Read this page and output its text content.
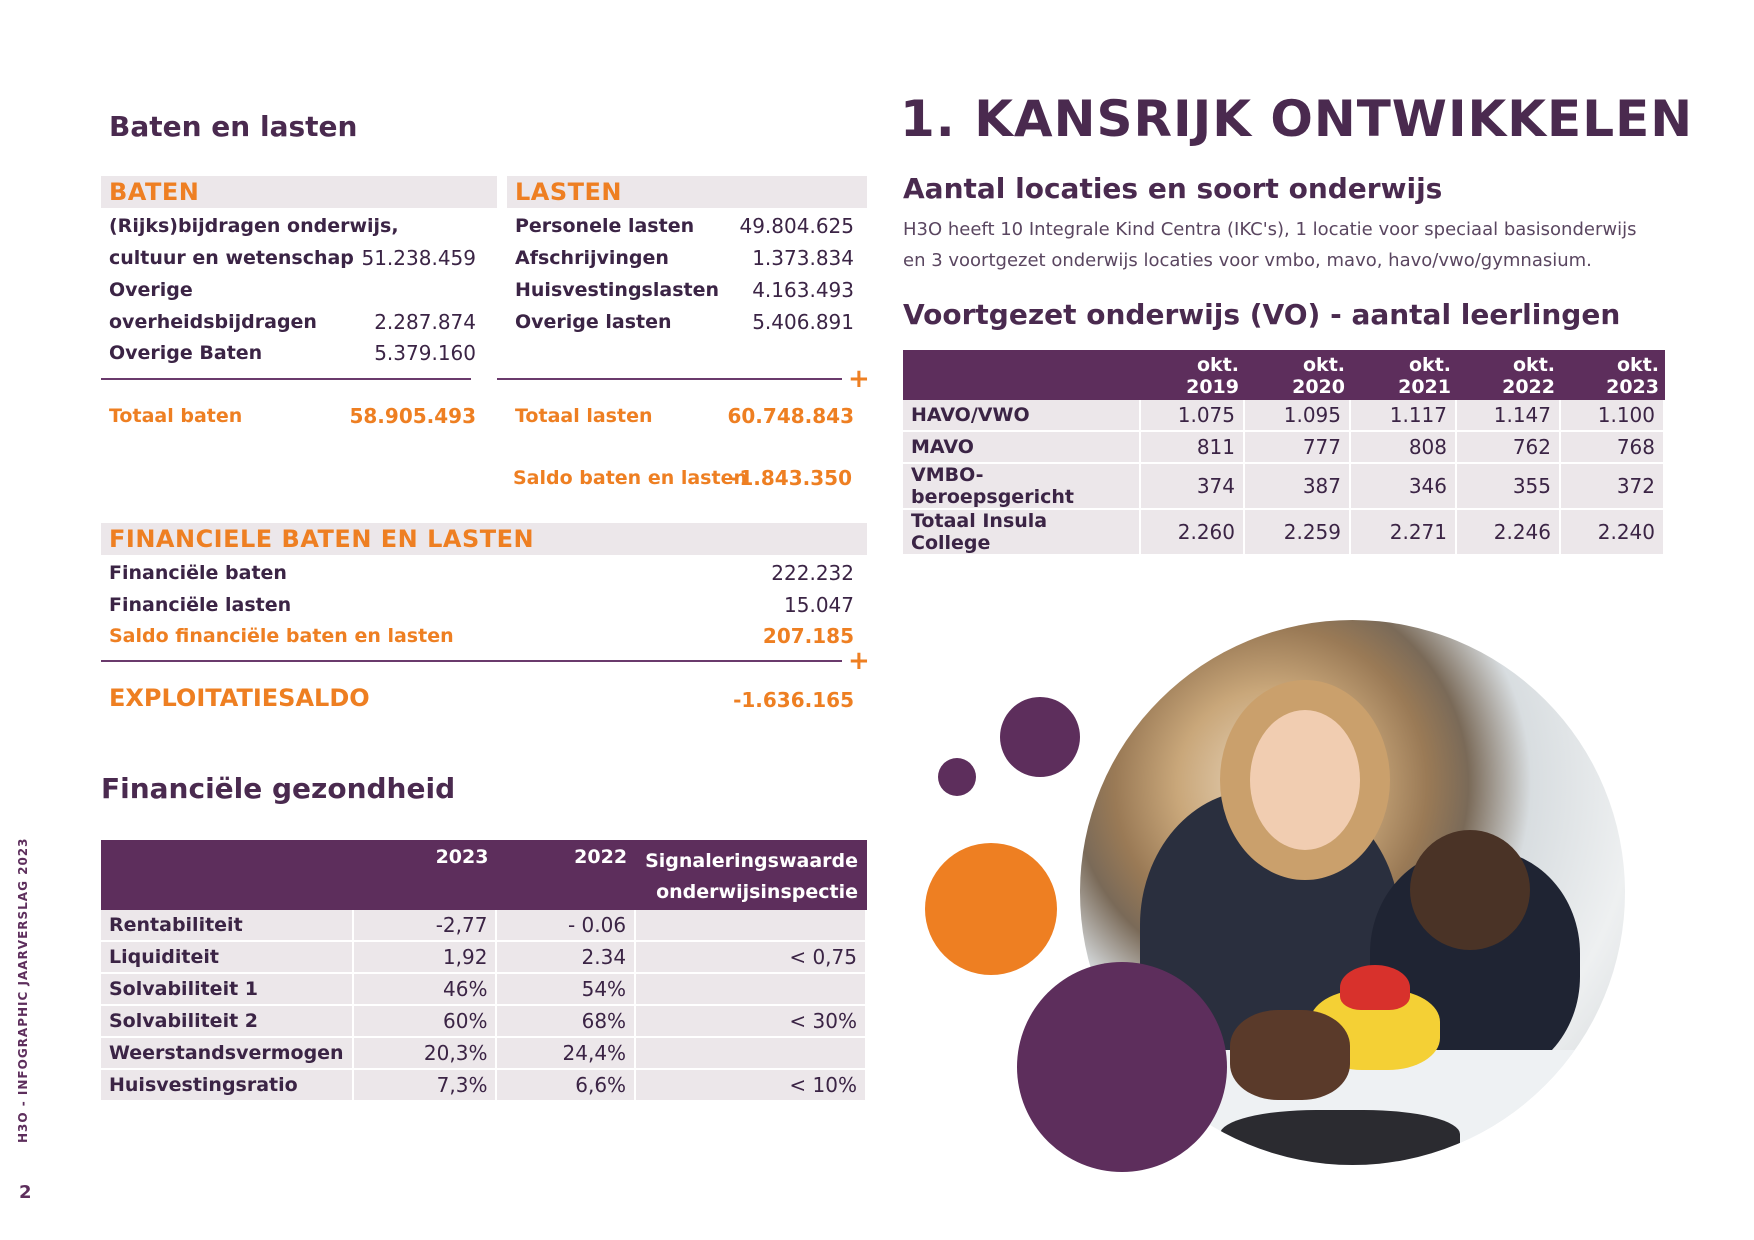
Baten en lasten
BATEN	LASTEN
(Rijks)bijdragen onderwijs,
cultuur en wetenschap 51.238.459
Overige
overheidsbijdragen	2.287.874
Overige Baten	5.379.160
Personele lasten	49.804.625
Afschrijvingen	1.373.834
Huisvestingslasten	4.163.493
Overige lasten	5.406.891
+
Totaal baten	58.905.493 Totaal lasten	60.748.843
Saldo baten en lasten
-1.843.350
FINANCIELE BATEN EN LASTEN
Financiële baten	222.232
Financiële lasten	15.047
Saldo financiële baten en lasten	207.185
+
EXPLOITATIESALDO	-1.636.165
Financiële gezondheid
	2023	2022	Signaleringswaarde
onderwijsinspectie

Rentabiliteit	-2,77	- 0.06	
Liquiditeit	1,92	2.34	< 0,75
Solvabiliteit 1	46%	54%	
Solvabiliteit 2	60%	68%	< 30%
Weerstandsvermogen	20,3%	24,4%	
Huisvestingsratio	7,3%	6,6%	< 10%
1. KANSRIJK ONTWIKKELEN
Aantal locaties en soort onderwijs
H3O heeft 10 Integrale Kind Centra (IKC's), 1 locatie voor speciaal basisonderwijs
en 3 voortgezet onderwijs locaties voor vmbo, mavo, havo/vwo/gymnasium.
Voortgezet onderwijs (VO) - aantal leerlingen
	okt. 2019	okt. 2020	okt. 2021	okt. 2022	okt. 2023
HAVO/VWO	1.075	1.095	1.117	1.147	1.100
MAVO	811	777	808	762	768
VMBO-beroepsgericht	374	387	346	355	372
Totaal Insula College	2.260	2.259	2.271	2.246	2.240
H3O - INFOGRAPHIC JAARVERSLAG 2023
2
